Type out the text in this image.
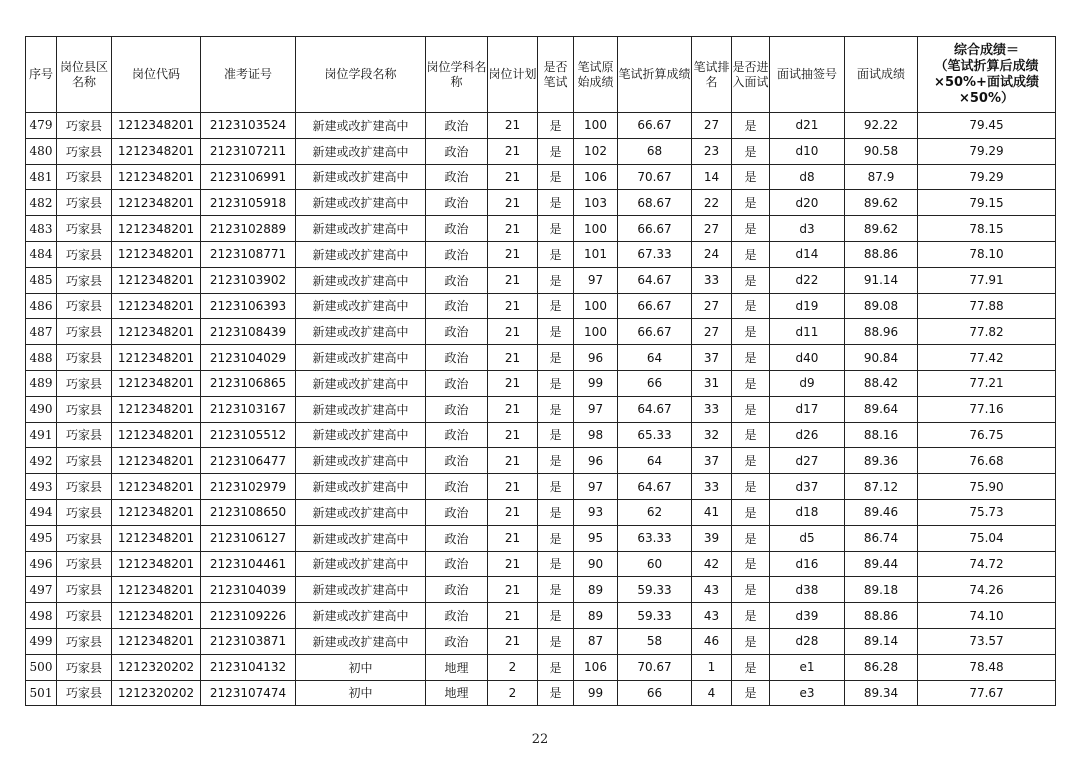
序号	岗位县区名称	岗位代码	准考证号	岗位学段名称	岗位学科名称	岗位计划	是否笔试	笔试原始成绩	笔试折算成绩	笔试排名	是否进入面试	面试抽签号	面试成绩	综合成绩＝
（笔试折算后成绩
×50%+面试成绩
×50%）

479	巧家县	1212348201	2123103524	新建或改扩建高中	政治	21	是	100	66.67	27	是	d21	92.22	79.45
480	巧家县	1212348201	2123107211	新建或改扩建高中	政治	21	是	102	68	23	是	d10	90.58	79.29
481	巧家县	1212348201	2123106991	新建或改扩建高中	政治	21	是	106	70.67	14	是	d8	87.9	79.29
482	巧家县	1212348201	2123105918	新建或改扩建高中	政治	21	是	103	68.67	22	是	d20	89.62	79.15
483	巧家县	1212348201	2123102889	新建或改扩建高中	政治	21	是	100	66.67	27	是	d3	89.62	78.15
484	巧家县	1212348201	2123108771	新建或改扩建高中	政治	21	是	101	67.33	24	是	d14	88.86	78.10
485	巧家县	1212348201	2123103902	新建或改扩建高中	政治	21	是	97	64.67	33	是	d22	91.14	77.91
486	巧家县	1212348201	2123106393	新建或改扩建高中	政治	21	是	100	66.67	27	是	d19	89.08	77.88
487	巧家县	1212348201	2123108439	新建或改扩建高中	政治	21	是	100	66.67	27	是	d11	88.96	77.82
488	巧家县	1212348201	2123104029	新建或改扩建高中	政治	21	是	96	64	37	是	d40	90.84	77.42
489	巧家县	1212348201	2123106865	新建或改扩建高中	政治	21	是	99	66	31	是	d9	88.42	77.21
490	巧家县	1212348201	2123103167	新建或改扩建高中	政治	21	是	97	64.67	33	是	d17	89.64	77.16
491	巧家县	1212348201	2123105512	新建或改扩建高中	政治	21	是	98	65.33	32	是	d26	88.16	76.75
492	巧家县	1212348201	2123106477	新建或改扩建高中	政治	21	是	96	64	37	是	d27	89.36	76.68
493	巧家县	1212348201	2123102979	新建或改扩建高中	政治	21	是	97	64.67	33	是	d37	87.12	75.90
494	巧家县	1212348201	2123108650	新建或改扩建高中	政治	21	是	93	62	41	是	d18	89.46	75.73
495	巧家县	1212348201	2123106127	新建或改扩建高中	政治	21	是	95	63.33	39	是	d5	86.74	75.04
496	巧家县	1212348201	2123104461	新建或改扩建高中	政治	21	是	90	60	42	是	d16	89.44	74.72
497	巧家县	1212348201	2123104039	新建或改扩建高中	政治	21	是	89	59.33	43	是	d38	89.18	74.26
498	巧家县	1212348201	2123109226	新建或改扩建高中	政治	21	是	89	59.33	43	是	d39	88.86	74.10
499	巧家县	1212348201	2123103871	新建或改扩建高中	政治	21	是	87	58	46	是	d28	89.14	73.57
500	巧家县	1212320202	2123104132	初中	地理	2	是	106	70.67	1	是	e1	86.28	78.48
501	巧家县	1212320202	2123107474	初中	地理	2	是	99	66	4	是	e3	89.34	77.67
22
